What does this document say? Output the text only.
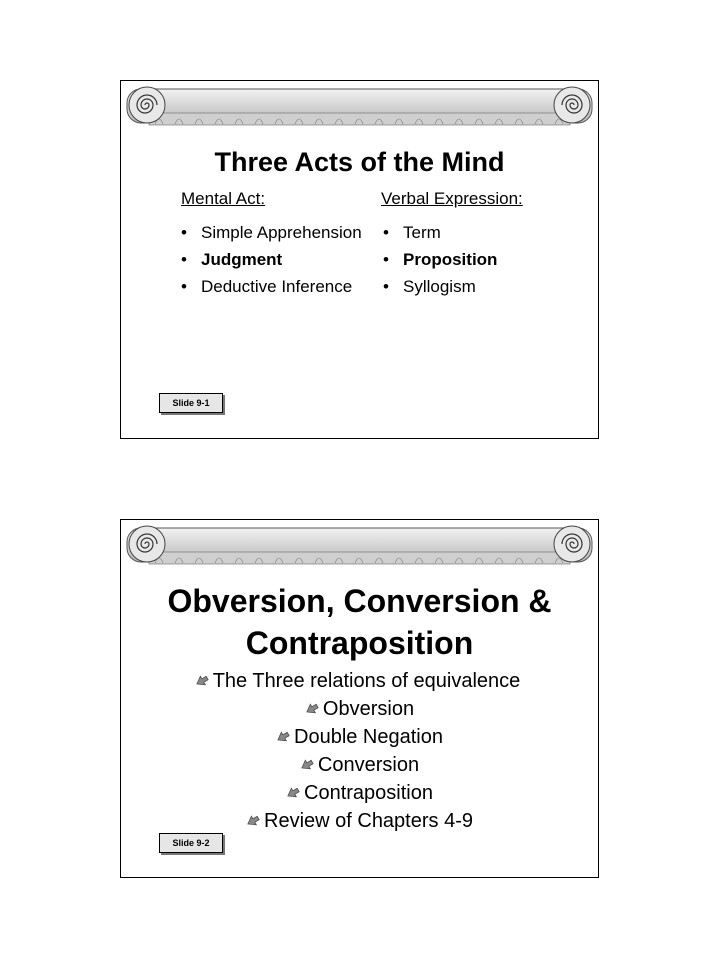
Three Acts of the Mind
Mental Act:	Verbal Expression:
• Simple Apprehension
• Judgment
• Deductive Inference
• Term
• Proposition
• Syllogism
Slide 9-1
Obversion, Conversion &
Contraposition
The Three relations of equivalence
Obversion
Double Negation
Conversion
Contraposition
Review of Chapters 4-9
Slide 9-2
